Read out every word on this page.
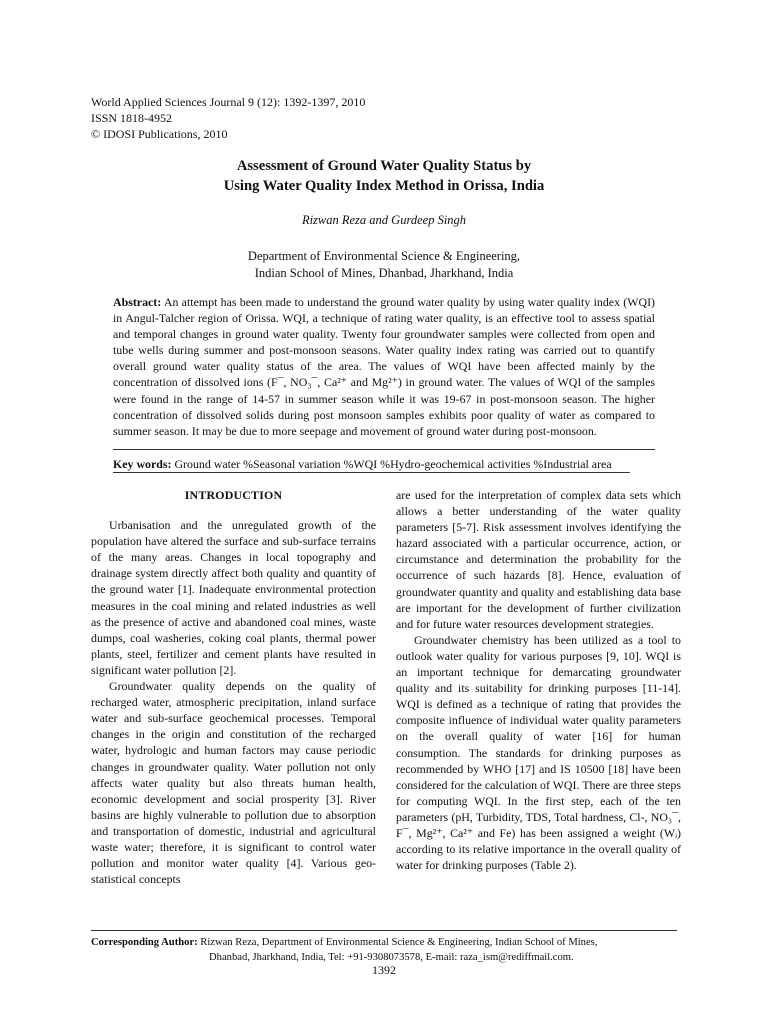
World Applied Sciences Journal 9 (12): 1392-1397, 2010
ISSN 1818-4952
© IDOSI Publications, 2010
Assessment of Ground Water Quality Status by
Using Water Quality Index Method in Orissa, India
Rizwan Reza and Gurdeep Singh
Department of Environmental Science & Engineering,
Indian School of Mines, Dhanbad, Jharkhand, India
Abstract: An attempt has been made to understand the ground water quality by using water quality index (WQI) in Angul-Talcher region of Orissa. WQI, a technique of rating water quality, is an effective tool to assess spatial and temporal changes in ground water quality. Twenty four groundwater samples were collected from open and tube wells during summer and post-monsoon seasons. Water quality index rating was carried out to quantify overall ground water quality status of the area. The values of WQI have been affected mainly by the concentration of dissolved ions (F¯, NO₃¯, Ca²⁺ and Mg²⁺) in ground water. The values of WQI of the samples were found in the range of 14-57 in summer season while it was 19-67 in post-monsoon season. The higher concentration of dissolved solids during post monsoon samples exhibits poor quality of water as compared to summer season. It may be due to more seepage and movement of ground water during post-monsoon.
Key words: Ground water %Seasonal variation %WQI %Hydro-geochemical activities %Industrial area
INTRODUCTION

Urbanisation and the unregulated growth of the population have altered the surface and sub-surface terrains of the many areas. Changes in local topography and drainage system directly affect both quality and quantity of the ground water [1]. Inadequate environmental protection measures in the coal mining and related industries as well as the presence of active and abandoned coal mines, waste dumps, coal washeries, coking coal plants, thermal power plants, steel, fertilizer and cement plants have resulted in significant water pollution [2].

Groundwater quality depends on the quality of recharged water, atmospheric precipitation, inland surface water and sub-surface geochemical processes. Temporal changes in the origin and constitution of the recharged water, hydrologic and human factors may cause periodic changes in groundwater quality. Water pollution not only affects water quality but also threats human health, economic development and social prosperity [3]. River basins are highly vulnerable to pollution due to absorption and transportation of domestic, industrial and agricultural waste water; therefore, it is significant to control water pollution and monitor water quality [4]. Various geo-statistical concepts

are used for the interpretation of complex data sets which allows a better understanding of the water quality parameters [5-7]. Risk assessment involves identifying the hazard associated with a particular occurrence, action, or circumstance and determination the probability for the occurrence of such hazards [8]. Hence, evaluation of groundwater quantity and quality and establishing data base are important for the development of further civilization and for future water resources development strategies.

Groundwater chemistry has been utilized as a tool to outlook water quality for various purposes [9, 10]. WQI is an important technique for demarcating groundwater quality and its suitability for drinking purposes [11-14]. WQI is defined as a technique of rating that provides the composite influence of individual water quality parameters on the overall quality of water [16] for human consumption. The standards for drinking purposes as recommended by WHO [17] and IS 10500 [18] have been considered for the calculation of WQI. There are three steps for computing WQI. In the first step, each of the ten parameters (pH, Turbidity, TDS, Total hardness, Cl-, NO₃¯, F¯, Mg²⁺, Ca²⁺ and Fe) has been assigned a weight (Wᵢ) according to its relative importance in the overall quality of water for drinking purposes (Table 2).

Corresponding Author: Rizwan Reza, Department of Environmental Science & Engineering, Indian School of Mines,
Dhanbad, Jharkhand, India, Tel: +91-9308073578, E-mail: raza_ism@rediffmail.com.
1392
